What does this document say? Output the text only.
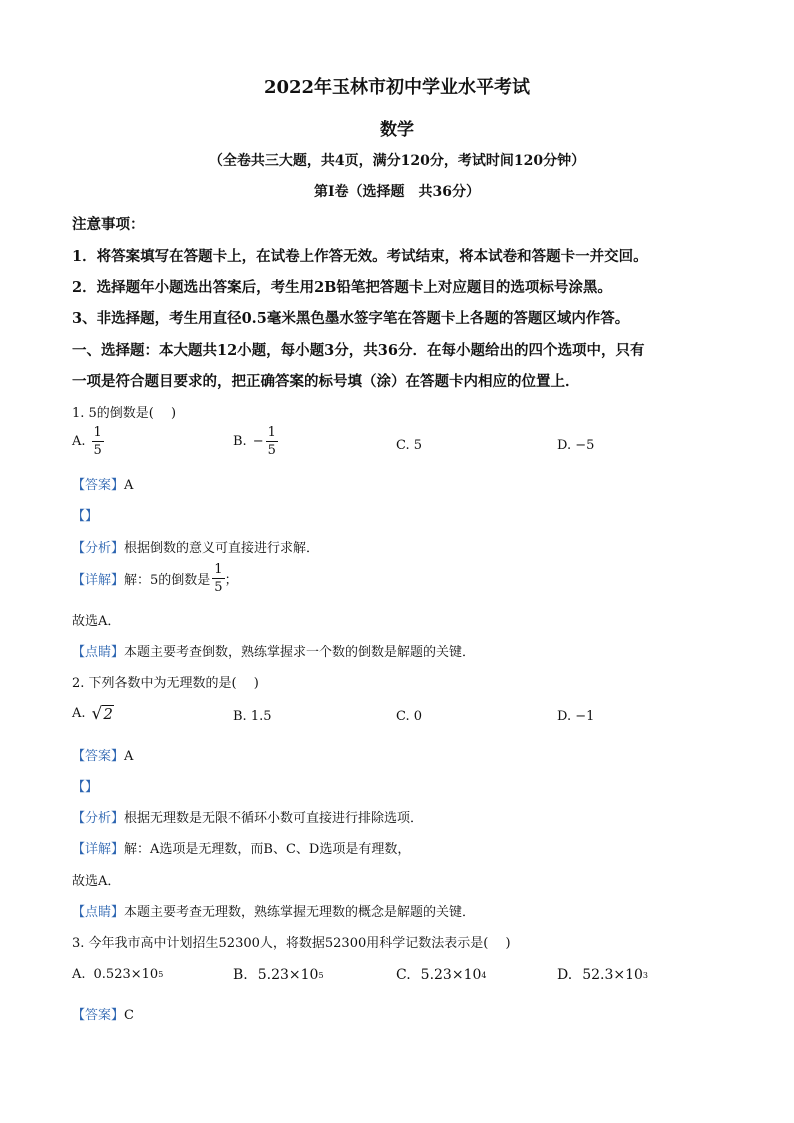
2022年玉林市初中学业水平考试
数学
（全卷共三大题，共4页，满分120分，考试时间120分钟）
第I卷（选择题　共36分）
注意事项：
1．将答案填写在答题卡上，在试卷上作答无效。考试结束，将本试卷和答题卡一并交回。
2．选择题年小题选出答案后，考生用2B铅笔把答题卡上对应题目的选项标号涂黑。
3、非选择题，考生用直径0.5毫米黑色墨水签字笔在答题卡上各题的答题区域内作答。
一、选择题：本大题共12小题，每小题3分，共36分．在每小题给出的四个选项中，只有
一项是符合题目要求的，把正确答案的标号填（涂）在答题卡内相应的位置上．
1. 5的倒数是(　 )
A. $\frac{1}{5}$	B. − $\frac{1}{5}$	C. 5	D. −5
【答案】A
【】
【分析】根据倒数的意义可直接进行求解．
【详解】 解：5的倒数是 $\frac{1}{5}$ ；
故选A．
【点睛】本题主要考查倒数，熟练掌握求一个数的倒数是解题的关键．
2. 下列各数中为无理数的是(　 )
A. √ 2	B. 1.5	C. 0	D. −1
【答案】A
【】
【分析】根据无理数是无限不循环小数可直接进行排除选项．
【详解】解：A选项是无理数，而B、C、D选项是有理数，
故选A．
【点睛】本题主要考查无理数，熟练掌握无理数的概念是解题的关键．
3. 今年我市高中计划招生52300人，将数据52300用科学记数法表示是(　 )
A. 0.523×10 5	B. 5.23×10 5	C. 5.23×10 4	D. 52.3×10 3
【答案】C
